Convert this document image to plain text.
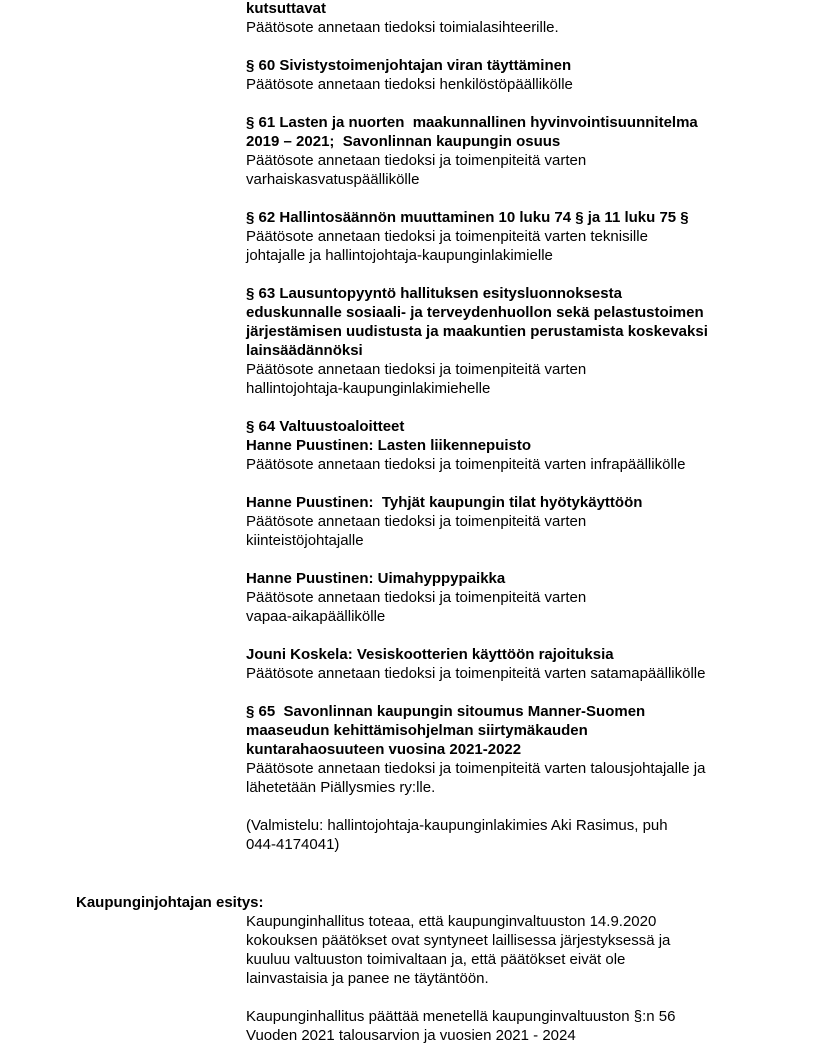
kutsuttavat
Päätösote annetaan tiedoksi toimialasihteerille.
§ 60 Sivistystoimenjohtajan viran täyttäminen
Päätösote annetaan tiedoksi henkilöstöpäällikölle
§ 61 Lasten ja nuorten  maakunnallinen hyvinvointisuunnitelma
2019 – 2021;  Savonlinnan kaupungin osuus
Päätösote annetaan tiedoksi ja toimenpiteitä varten
varhaiskasvatuspäällikölle
§ 62 Hallintosäännön muuttaminen 10 luku 74 § ja 11 luku 75 §
Päätösote annetaan tiedoksi ja toimenpiteitä varten teknisille
johtajalle ja hallintojohtaja-kaupunginlakimielle
§ 63 Lausuntopyyntö hallituksen esitysluonnoksesta
eduskunnalle sosiaali- ja terveydenhuollon sekä pelastustoimen
järjestämisen uudistusta ja maakuntien perustamista koskevaksi
lainsäädännöksi
Päätösote annetaan tiedoksi ja toimenpiteitä varten
hallintojohtaja-kaupunginlakimiehelle
§ 64 Valtuustoaloitteet
Hanne Puustinen: Lasten liikennepuisto
Päätösote annetaan tiedoksi ja toimenpiteitä varten infrapäällikölle
Hanne Puustinen:  Tyhjät kaupungin tilat hyötykäyttöön
Päätösote annetaan tiedoksi ja toimenpiteitä varten
kiinteistöjohtajalle
Hanne Puustinen: Uimahyppypaikka
Päätösote annetaan tiedoksi ja toimenpiteitä varten
vapaa-aikapäällikölle
Jouni Koskela: Vesiskootterien käyttöön rajoituksia
Päätösote annetaan tiedoksi ja toimenpiteitä varten satamapäällikölle
§ 65  Savonlinnan kaupungin sitoumus Manner-Suomen
maaseudun kehittämisohjelman siirtymäkauden
kuntarahaosuuteen vuosina 2021-2022
Päätösote annetaan tiedoksi ja toimenpiteitä varten talousjohtajalle ja
lähetetään Piällysmies ry:lle.
(Valmistelu: hallintojohtaja-kaupunginlakimies Aki Rasimus, puh
044-4174041)
Kaupunginjohtajan esitys:
Kaupunginhallitus toteaa, että kaupunginvaltuuston 14.9.2020
kokouksen päätökset ovat syntyneet laillisessa järjestyksessä ja
kuuluu valtuuston toimivaltaan ja, että päätökset eivät ole
lainvastaisia ja panee ne täytäntöön.
Kaupunginhallitus päättää menetellä kaupunginvaltuuston §:n 56
Vuoden 2021 talousarvion ja vuosien 2021 - 2024
